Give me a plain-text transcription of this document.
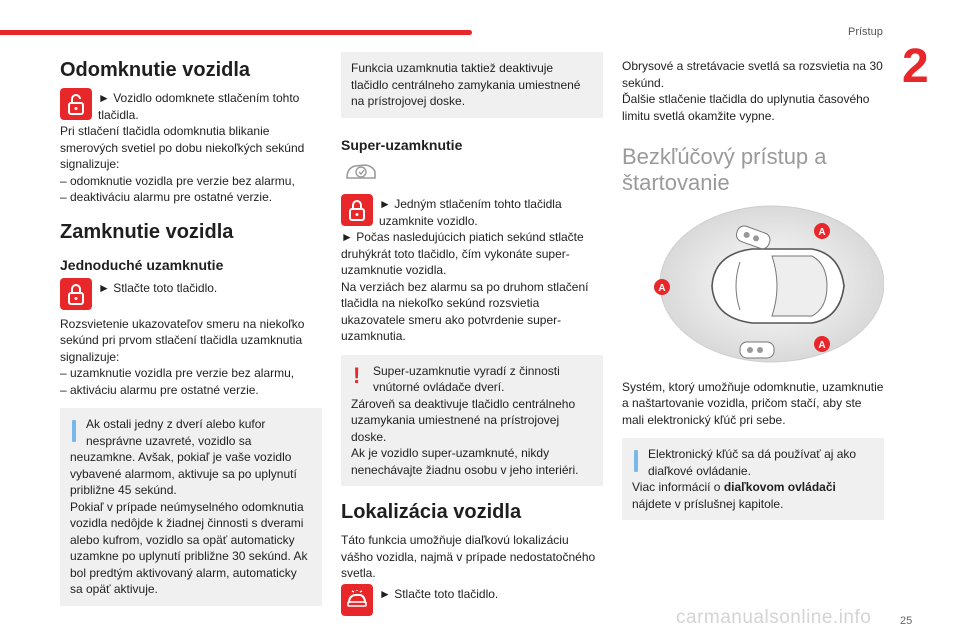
Prístup
2
Odomknutie vozidla

► Vozidlo odomknete stlačením tohto tlačidla.

Pri stlačení tlačidla odomknutia blikanie smerových svetiel po dobu niekoľkých sekúnd signalizuje:

– odomknutie vozidla pre verzie bez alarmu,

– deaktiváciu alarmu pre ostatné verzie.

Zamknutie vozidla
Jednoduché uzamknutie

► Stlačte toto tlačidlo.

Rozsvietenie ukazovateľov smeru na niekoľko sekúnd pri prvom stlačení tlačidla uzamknutia signalizuje:

– uzamknutie vozidla pre verzie bez alarmu,

– aktiváciu alarmu pre ostatné verzie.

Ak ostali jedny z dverí alebo kufor nesprávne uzavreté, vozidlo sa

neuzamkne. Avšak, pokiaľ je vaše vozidlo vybavené alarmom, aktivuje sa po uplynutí približne 45 sekúnd.

Pokiaľ v prípade neúmyselného odomknutia vozidla nedôjde k žiadnej činnosti s dverami alebo kufrom, vozidlo sa opäť automaticky uzamkne po uplynutí približne 30 sekúnd. Ak bol predtým aktivovaný alarm, automaticky sa opäť aktivuje.

Funkcia uzamknutia taktiež deaktivuje tlačidlo centrálneho zamykania umiestnené na prístrojovej doske.

Super-uzamknutie

► Jedným stlačením tohto tlačidla uzamknite vozidlo.

► Počas nasledujúcich piatich sekúnd stlačte druhýkrát toto tlačidlo, čím vykonáte super-uzamknutie vozidla.

Na verziách bez alarmu sa po druhom stlačení tlačidla na niekoľko sekúnd rozsvietia ukazovatele smeru ako potvrdenie super-uzamknutia.

!	Super-uzamknutie vyradí z činnosti vnútorné ovládače dverí.

Zároveň sa deaktivuje tlačidlo centrálneho uzamykania umiestnené na prístrojovej doske.

Ak je vozidlo super-uzamknuté, nikdy nenechávajte žiadnu osobu v jeho interiéri.

Lokalizácia vozidla

Táto funkcia umožňuje diaľkovú lokalizáciu vášho vozidla, najmä v prípade nedostatočného svetla.

► Stlačte toto tlačidlo.

Obrysové a stretávacie svetlá sa rozsvietia na 30 sekúnd.

Ďalšie stlačenie tlačidla do uplynutia časového limitu svetlá okamžite vypne.

Bezkľúčový prístup a štartovanie
A
A
A

Systém, ktorý umožňuje odomknutie, uzamknutie a naštartovanie vozidla, pričom stačí, aby ste mali elektronický kľúč pri sebe.

Elektronický kľúč sa dá používať aj ako diaľkové ovládanie.

Viac informácií o diaľkovom ovládači

nájdete v príslušnej kapitole.

carmanualsonline.info	25
